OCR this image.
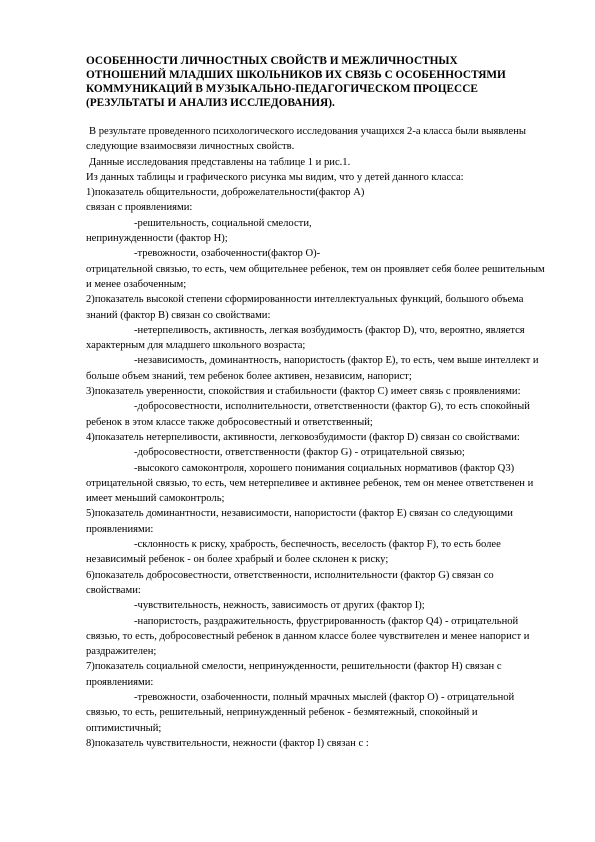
ОСОБЕННОСТИ ЛИЧНОСТНЫХ СВОЙСТВ И МЕЖЛИЧНОСТНЫХ
ОТНОШЕНИЙ МЛАДШИХ ШКОЛЬНИКОВ ИХ СВЯЗЬ С ОСОБЕННОСТЯМИ
КОММУНИКАЦИЙ В МУЗЫКАЛЬНО-ПЕДАГОГИЧЕСКОМ ПРОЦЕССЕ
(РЕЗУЛЬТАТЫ И АНАЛИЗ ИССЛЕДОВАНИЯ).

В результате проведенного психологического исследования учащихся 2-а класса были выявлены следующие взаимосвязи личностных свойств.

Данные исследования представлены на таблице 1 и рис.1.

Из данных таблицы и графического рисунка мы видим, что у детей данного класса:

1)показатель общительности, доброжелательности(фактор А)

связан с проявлениями:

-решительность, социальной смелости,

непринужденности (фактор Н);

-тревожности, озабоченности(фактор О)-

отрицательной связью, то есть, чем общительнее ребенок, тем он проявляет себя более решительным и менее озабоченным;

2)показатель высокой степени сформированности интеллектуальных функций, большого объема знаний (фактор В) связан со свойствами:

-нетерпеливость, активность, легкая возбудимость (фактор D), что, вероятно, является характерным для младшего школьного возраста;

-независимость, доминантность, напористость (фактор Е), то есть, чем выше интеллект и больше объем знаний, тем ребенок более активен, независим, напорист;

3)показатель уверенности, спокойствия и стабильности (фактор С) имеет связь с проявлениями:

-добросовестности, исполнительности, ответственности (фактор G), то есть спокойный ребенок в этом классе также добросовестный и ответственный;

4)показатель нетерпеливости, активности, легковозбудимости (фактор D) связан со свойствами:

-добросовестности, ответственности (фактор G) - отрицательной связью;

-высокого самоконтроля, хорошего понимания социальных нормативов (фактор Q3) отрицательной связью, то есть, чем нетерпеливее и активнее ребенок, тем он менее ответственен и имеет меньший самоконтроль;

5)показатель доминантности, независимости, напористости (фактор Е) связан со следующими проявлениями:

-склонность к риску, храбрость, беспечность, веселость (фактор F), то есть более независимый ребенок - он более храбрый и более склонен к риску;

6)показатель добросовестности, ответственности, исполнительности (фактор G) связан со свойствами:

-чувствительность, нежность, зависимость от других (фактор I);

-напористость, раздражительность, фрустрированность (фактор Q4) - отрицательной связью, то есть, добросовестный ребенок в данном классе более чувствителен и менее напорист и раздражителен;

7)показатель социальной смелости, непринужденности, решительности (фактор Н) связан с проявлениями:

-тревожности, озабоченности, полный мрачных мыслей (фактор О) - отрицательной связью, то есть, решительный, непринужденный ребенок - безмятежный, спокойный и оптимистичный;

8)показатель чувствительности, нежности (фактор I) связан с :
